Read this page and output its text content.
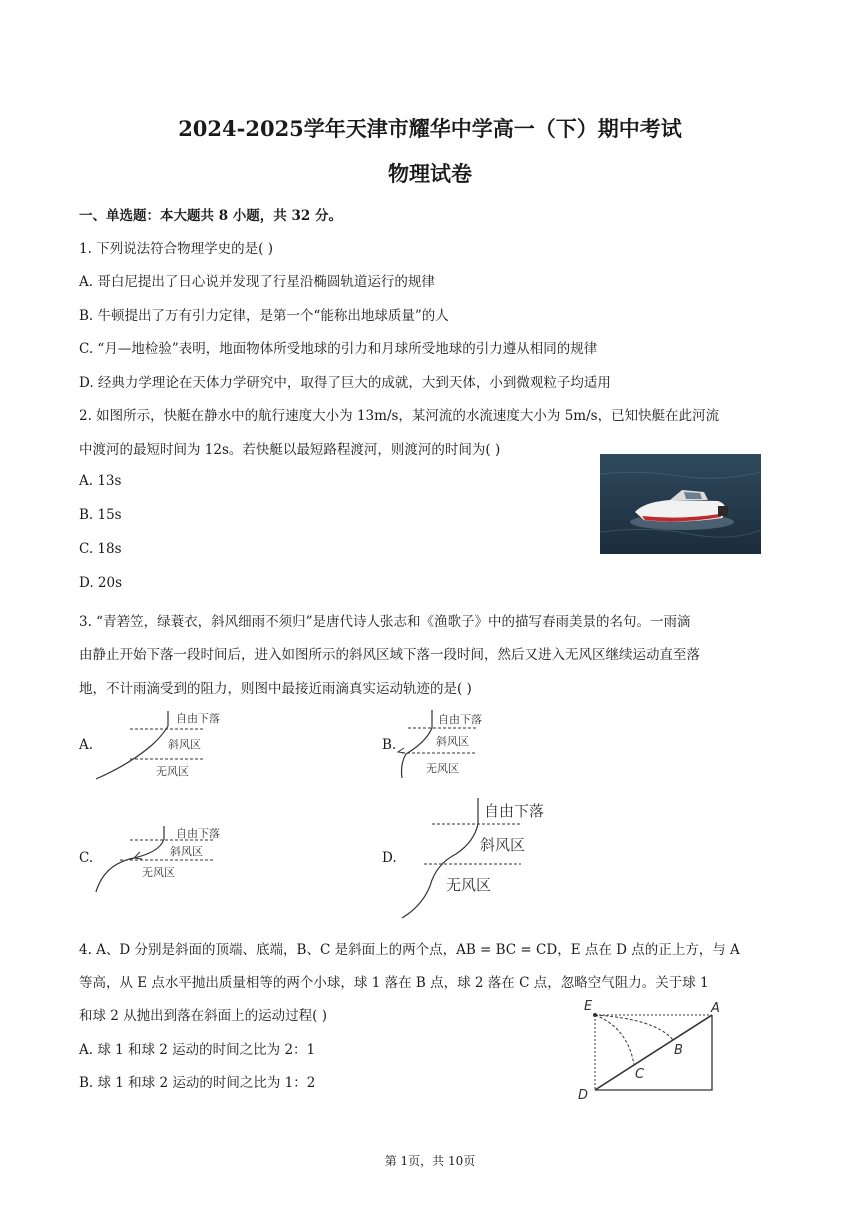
2024-2025学年天津市耀华中学高一（下）期中考试
物理试卷
一、单选题：本大题共 8 小题，共 32 分。
1. 下列说法符合物理学史的是( )
A. 哥白尼提出了日心说并发现了行星沿椭圆轨道运行的规律
B. 牛顿提出了万有引力定律，是第一个“能称出地球质量”的人
C. “月—地检验”表明，地面物体所受地球的引力和月球所受地球的引力遵从相同的规律
D. 经典力学理论在天体力学研究中，取得了巨大的成就，大到天体，小到微观粒子均适用
2. 如图所示，快艇在静水中的航行速度大小为 13m/s，某河流的水流速度大小为 5m/s，已知快艇在此河流
中渡河的最短时间为 12s。若快艇以最短路程渡河，则渡河的时间为( )
A. 13s
B. 15s
C. 18s
D. 20s
3. “青箬笠，绿蓑衣，斜风细雨不须归”是唐代诗人张志和《渔歌子》中的描写春雨美景的名句。一雨滴
由静止开始下落一段时间后，进入如图所示的斜风区域下落一段时间，然后又进入无风区继续运动直至落
地，不计雨滴受到的阻力，则图中最接近雨滴真实运动轨迹的是( )
A.	B.
C.	D.
自由下落
斜风区
无风区
自由下落
斜风区
无风区
自由下落
斜风区
无风区
自由下落
斜风区
无风区
4. A、D 分别是斜面的顶端、底端，B、C 是斜面上的两个点，AB = BC = CD，E 点在 D 点的正上方，与 A
等高，从 E 点水平抛出质量相等的两个小球，球 1 落在 B 点，球 2 落在 C 点，忽略空气阻力。关于球 1
和球 2 从抛出到落在斜面上的运动过程( )
A. 球 1 和球 2 运动的时间之比为 2：1
B. 球 1 和球 2 运动的时间之比为 1：2
E	A
B
C
D
第 1页，共 10页
